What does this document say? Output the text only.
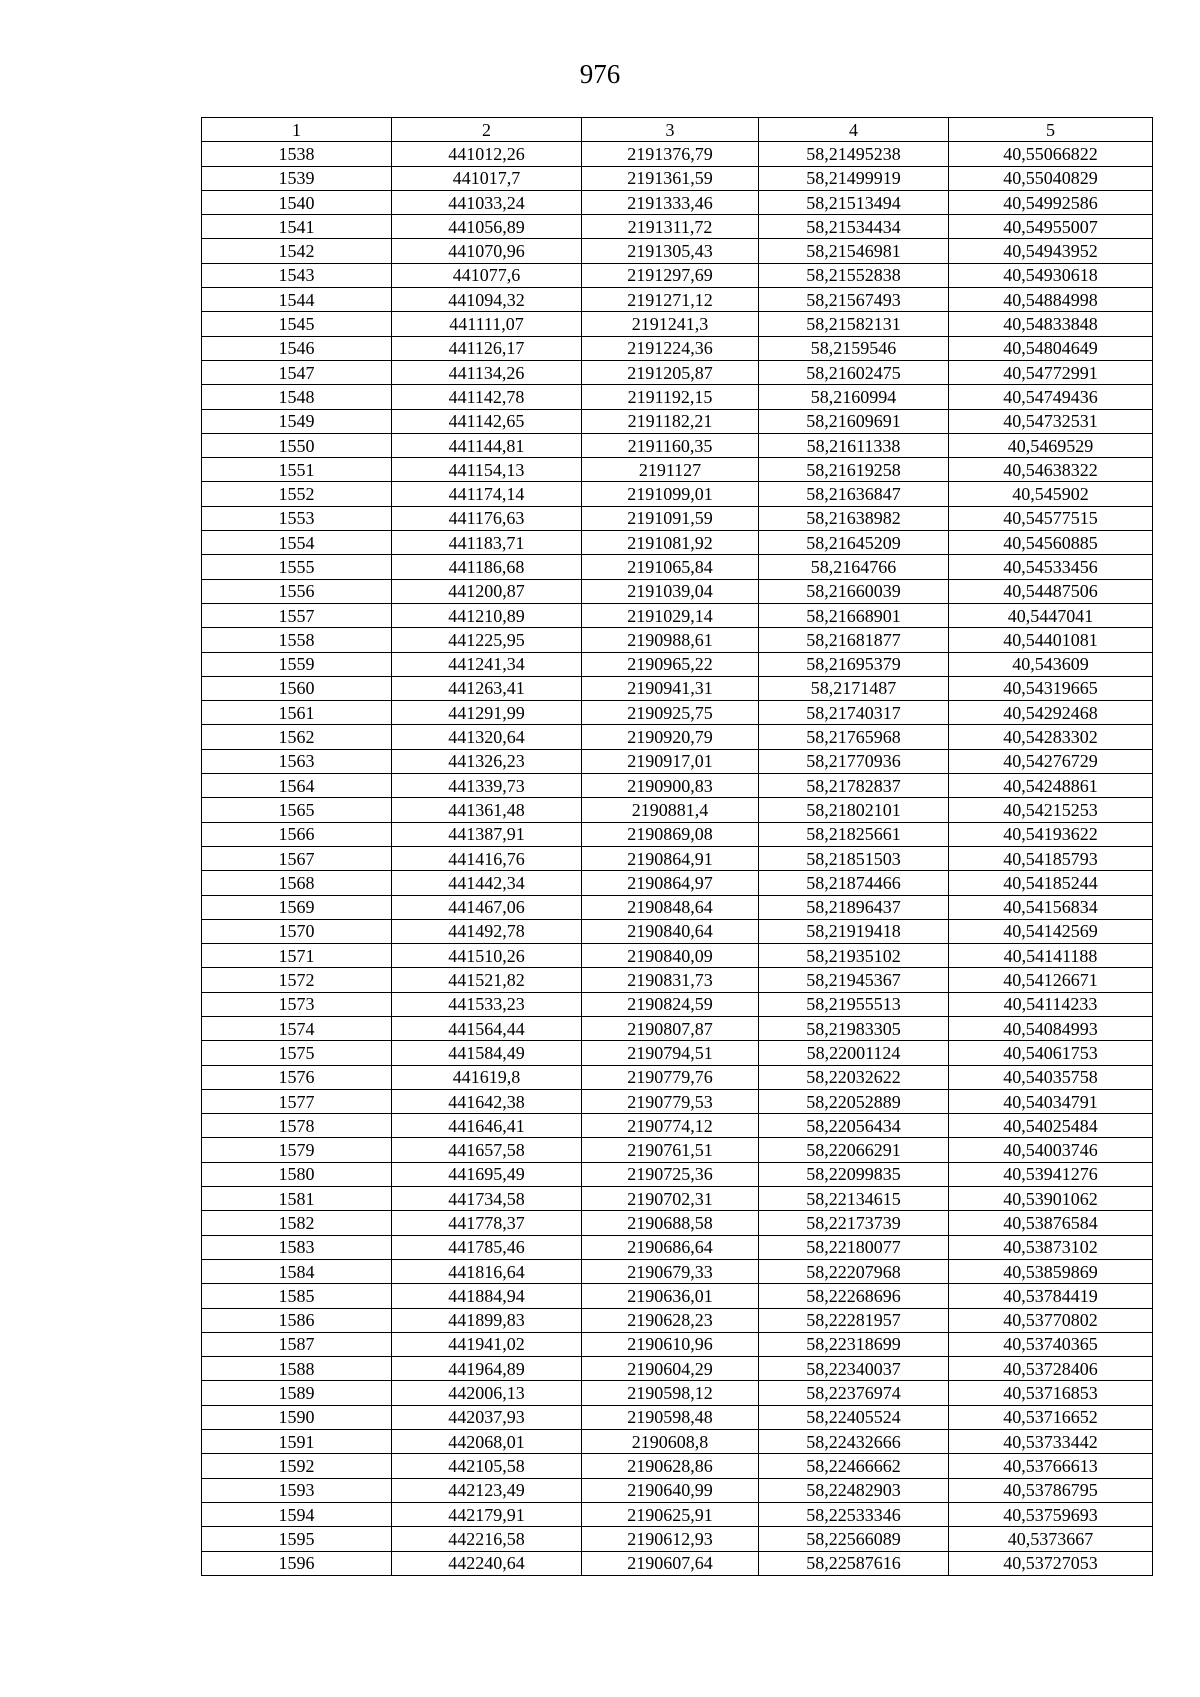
976
1	2	3	4	5
1538	441012,26	2191376,79	58,21495238	40,55066822
1539	441017,7	2191361,59	58,21499919	40,55040829
1540	441033,24	2191333,46	58,21513494	40,54992586
1541	441056,89	2191311,72	58,21534434	40,54955007
1542	441070,96	2191305,43	58,21546981	40,54943952
1543	441077,6	2191297,69	58,21552838	40,54930618
1544	441094,32	2191271,12	58,21567493	40,54884998
1545	441111,07	2191241,3	58,21582131	40,54833848
1546	441126,17	2191224,36	58,2159546	40,54804649
1547	441134,26	2191205,87	58,21602475	40,54772991
1548	441142,78	2191192,15	58,2160994	40,54749436
1549	441142,65	2191182,21	58,21609691	40,54732531
1550	441144,81	2191160,35	58,21611338	40,5469529
1551	441154,13	2191127	58,21619258	40,54638322
1552	441174,14	2191099,01	58,21636847	40,545902
1553	441176,63	2191091,59	58,21638982	40,54577515
1554	441183,71	2191081,92	58,21645209	40,54560885
1555	441186,68	2191065,84	58,2164766	40,54533456
1556	441200,87	2191039,04	58,21660039	40,54487506
1557	441210,89	2191029,14	58,21668901	40,5447041
1558	441225,95	2190988,61	58,21681877	40,54401081
1559	441241,34	2190965,22	58,21695379	40,543609
1560	441263,41	2190941,31	58,2171487	40,54319665
1561	441291,99	2190925,75	58,21740317	40,54292468
1562	441320,64	2190920,79	58,21765968	40,54283302
1563	441326,23	2190917,01	58,21770936	40,54276729
1564	441339,73	2190900,83	58,21782837	40,54248861
1565	441361,48	2190881,4	58,21802101	40,54215253
1566	441387,91	2190869,08	58,21825661	40,54193622
1567	441416,76	2190864,91	58,21851503	40,54185793
1568	441442,34	2190864,97	58,21874466	40,54185244
1569	441467,06	2190848,64	58,21896437	40,54156834
1570	441492,78	2190840,64	58,21919418	40,54142569
1571	441510,26	2190840,09	58,21935102	40,54141188
1572	441521,82	2190831,73	58,21945367	40,54126671
1573	441533,23	2190824,59	58,21955513	40,54114233
1574	441564,44	2190807,87	58,21983305	40,54084993
1575	441584,49	2190794,51	58,22001124	40,54061753
1576	441619,8	2190779,76	58,22032622	40,54035758
1577	441642,38	2190779,53	58,22052889	40,54034791
1578	441646,41	2190774,12	58,22056434	40,54025484
1579	441657,58	2190761,51	58,22066291	40,54003746
1580	441695,49	2190725,36	58,22099835	40,53941276
1581	441734,58	2190702,31	58,22134615	40,53901062
1582	441778,37	2190688,58	58,22173739	40,53876584
1583	441785,46	2190686,64	58,22180077	40,53873102
1584	441816,64	2190679,33	58,22207968	40,53859869
1585	441884,94	2190636,01	58,22268696	40,53784419
1586	441899,83	2190628,23	58,22281957	40,53770802
1587	441941,02	2190610,96	58,22318699	40,53740365
1588	441964,89	2190604,29	58,22340037	40,53728406
1589	442006,13	2190598,12	58,22376974	40,53716853
1590	442037,93	2190598,48	58,22405524	40,53716652
1591	442068,01	2190608,8	58,22432666	40,53733442
1592	442105,58	2190628,86	58,22466662	40,53766613
1593	442123,49	2190640,99	58,22482903	40,53786795
1594	442179,91	2190625,91	58,22533346	40,53759693
1595	442216,58	2190612,93	58,22566089	40,5373667
1596	442240,64	2190607,64	58,22587616	40,53727053
